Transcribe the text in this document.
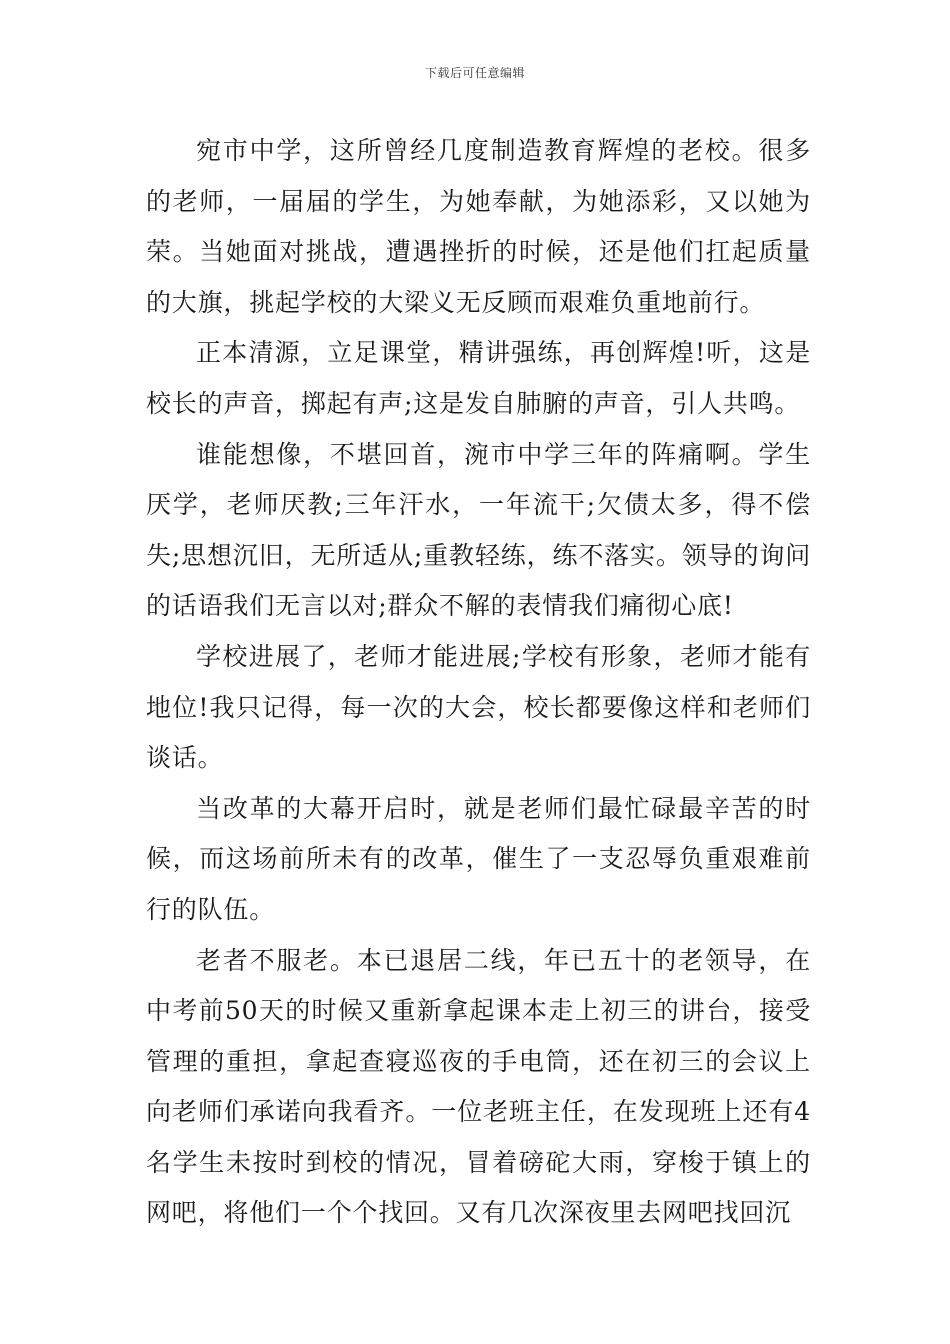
下载后可任意编辑

宛市中学，这所曾经几度制造教育辉煌的老校。很多的老师，一届届的学生，为她奉献，为她添彩，又以她为荣。当她面对挑战，遭遇挫折的时候，还是他们扛起质量的大旗，挑起学校的大梁义无反顾而艰难负重地前行。

正本清源，立足课堂，精讲强练，再创辉煌!听，这是校长的声音，掷起有声;这是发自肺腑的声音，引人共鸣。

谁能想像，不堪回首，涴市中学三年的阵痛啊。学生厌学，老师厌教;三年汗水，一年流干;欠债太多，得不偿失;思想沉旧，无所适从;重教轻练，练不落实。领导的询问的话语我们无言以对;群众不解的表情我们痛彻心底!

学校进展了，老师才能进展;学校有形象，老师才能有地位!我只记得，每一次的大会，校长都要像这样和老师们谈话。

当改革的大幕开启时，就是老师们最忙碌最辛苦的时候，而这场前所未有的改革，催生了一支忍辱负重艰难前行的队伍。

老者不服老。本已退居二线，年已五十的老领导，在中考前50天的时候又重新拿起课本走上初三的讲台，接受管理的重担，拿起查寝巡夜的手电筒，还在初三的会议上向老师们承诺向我看齐。一位老班主任，在发现班上还有4名学生未按时到校的情况，冒着磅砣大雨，穿梭于镇上的网吧，将他们一个个找回。又有几次深夜里去网吧找回沉
